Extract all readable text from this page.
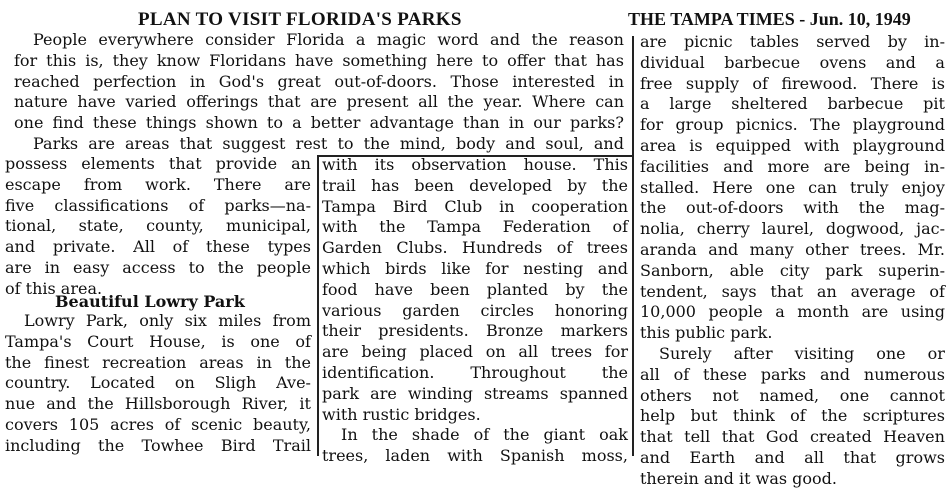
PLAN TO VISIT FLORIDA'S PARKS	THE TAMPA TIMES - Jun. 10, 1949
People everywhere consider Florida a magic word and the reason
for this is, they know Floridans have something here to offer that has
reached perfection in God's great out-of-doors. Those interested in
nature have varied offerings that are present all the year. Where can
one find these things shown to a better advantage than in our parks?
Parks are areas that suggest rest to the mind, body and soul, and
possess elements that provide an
escape from work. There are
five classifications of parks—na-
tional, state, county, municipal,
and private. All of these types
are in easy access to the people
of this area.
Beautiful Lowry Park
Lowry Park, only six miles from
Tampa's Court House, is one of
the finest recreation areas in the
country. Located on Sligh Ave-
nue and the Hillsborough River, it
covers 105 acres of scenic beauty,
including the Towhee Bird Trail
with its observation house. This
trail has been developed by the
Tampa Bird Club in cooperation
with the Tampa Federation of
Garden Clubs. Hundreds of trees
which birds like for nesting and
food have been planted by the
various garden circles honoring
their presidents. Bronze markers
are being placed on all trees for
identification. Throughout the
park are winding streams spanned
with rustic bridges.
In the shade of the giant oak
trees, laden with Spanish moss,
are picnic tables served by in-
dividual barbecue ovens and a
free supply of firewood. There is
a large sheltered barbecue pit
for group picnics. The playground
area is equipped with playground
facilities and more are being in-
stalled. Here one can truly enjoy
the out-of-doors with the mag-
nolia, cherry laurel, dogwood, jac-
aranda and many other trees. Mr.
Sanborn, able city park superin-
tendent, says that an average of
10,000 people a month are using
this public park.
Surely after visiting one or
all of these parks and numerous
others not named, one cannot
help but think of the scriptures
that tell that God created Heaven
and Earth and all that grows
therein and it was good.
